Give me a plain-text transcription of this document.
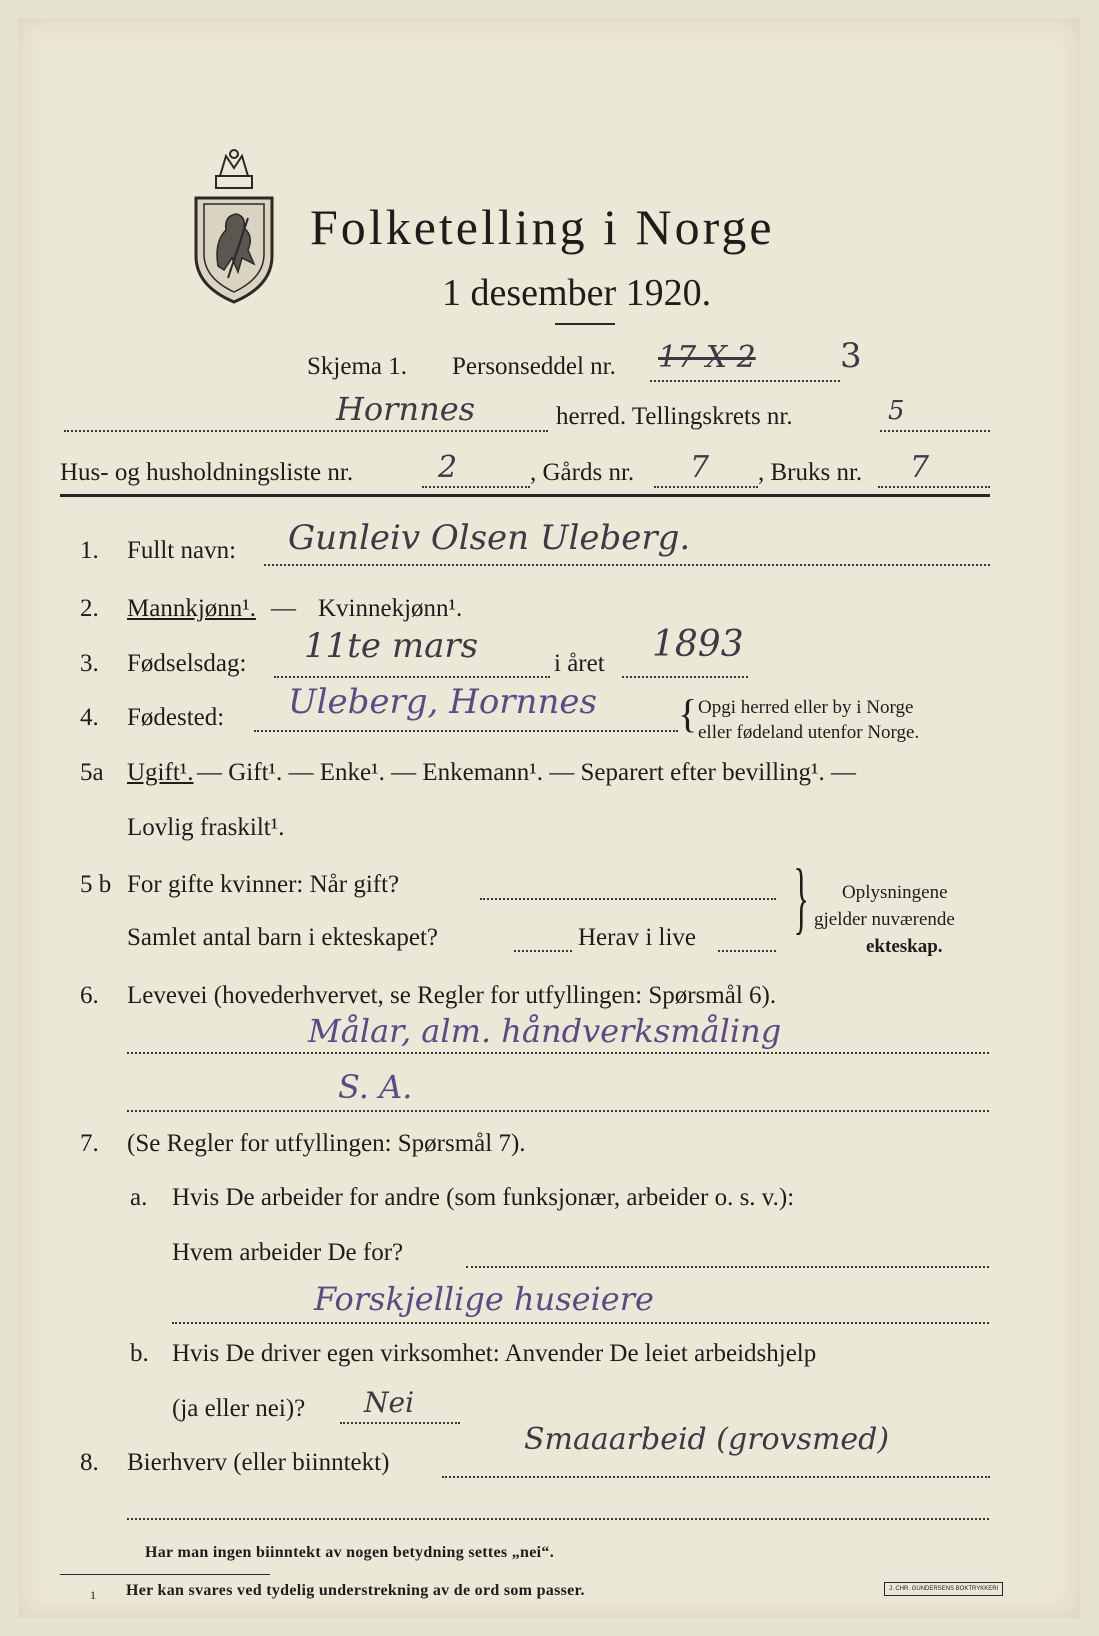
Folketelling i Norge
1 desember 1920.
Skjema 1. Personseddel nr. 17 X 2 3
Hornnes	herred. Tellingskrets nr.	5
Hus- og husholdningsliste nr.	2	, Gårds nr. 7 , Bruks nr. 7
1. Fullt navn: Gunleiv Olsen Uleberg.
2. Mannkjønn¹. — Kvinnekjønn¹.
3. Fødselsdag: 11te mars	i året 1893
4. Fødested: Uleberg, Hornnes { Opgi herred eller by i Norge
eller fødeland utenfor Norge.
5a Ugift¹. — Gift¹. — Enke¹. — Enkemann¹. — Separert efter bevilling¹. —
Lovlig fraskilt¹.
5 b For gifte kvinner: Når gift?
Samlet antal barn i ekteskapet?	Herav i live } Oplysningene
gjelder nuværende
ekteskap.
6. Levevei (hovederhvervet, se Regler for utfyllingen: Spørsmål 6).
Målar, alm. håndverksmåling
S. A.
7. (Se Regler for utfyllingen: Spørsmål 7).
a. Hvis De arbeider for andre (som funksjonær, arbeider o. s. v.):
Hvem arbeider De for?
Forskjellige huseiere
b. Hvis De driver egen virksomhet: Anvender De leiet arbeidshjelp
(ja eller nei)? Nei
8. Bierhverv (eller biinntekt)
Smaaarbeid (grovsmed)
Har man ingen biinntekt av nogen betydning settes „nei“.
1 Her kan svares ved tydelig understrekning av de ord som passer.	J. CHR. GUNDERSENS BOKTRYKKERI
